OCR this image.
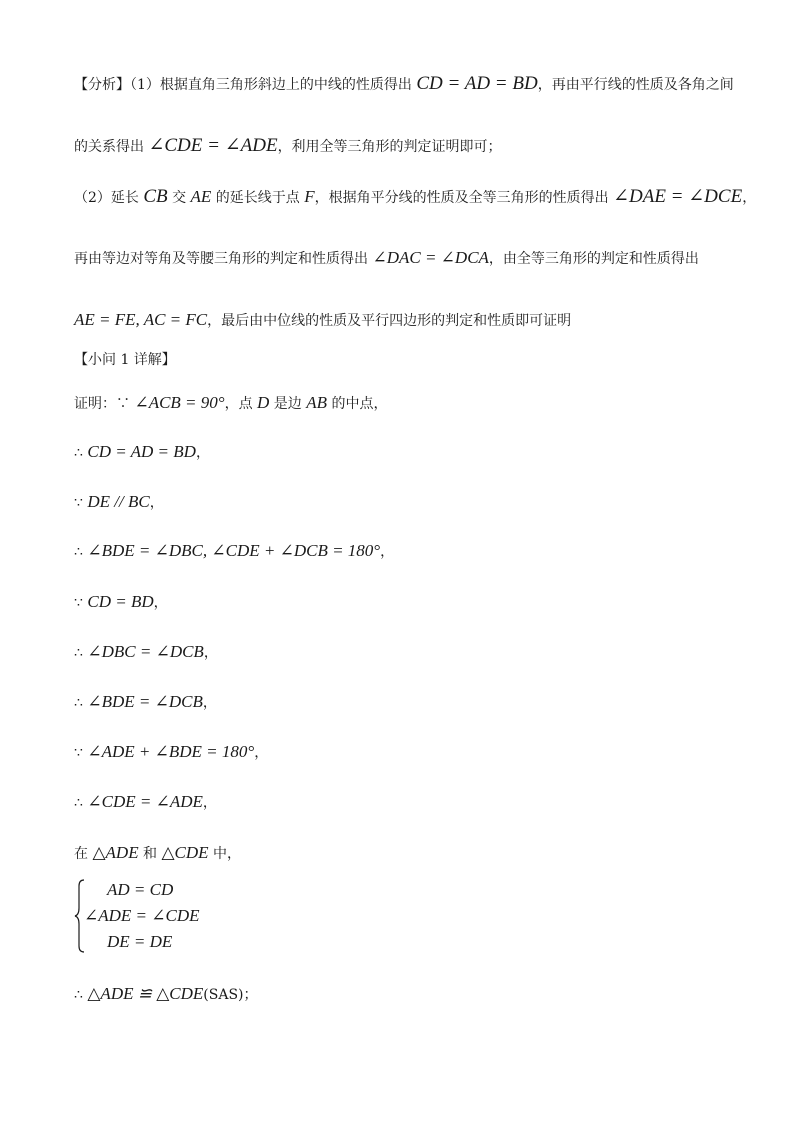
【分析】（1）根据直角三角形斜边上的中线的性质得出 CD = AD = BD，再由平行线的性质及各角之间
的关系得出 ∠CDE = ∠ADE，利用全等三角形的判定证明即可；
（2）延长 CB 交 AE 的延长线于点 F，根据角平分线的性质及全等三角形的性质得出 ∠DAE = ∠DCE，
再由等边对等角及等腰三角形的判定和性质得出 ∠DAC = ∠DCA，由全等三角形的判定和性质得出
AE = FE, AC = FC，最后由中位线的性质及平行四边形的判定和性质即可证明
【小问 1 详解】
证明：∵ ∠ACB = 90°，点 D 是边 AB 的中点，
∴ CD = AD = BD，
∵ DE // BC，
∴ ∠BDE = ∠DBC, ∠CDE + ∠DCB = 180°，
∵ CD = BD，
∴ ∠DBC = ∠DCB，
∴ ∠BDE = ∠DCB，
∵ ∠ADE + ∠BDE = 180°，
∴ ∠CDE = ∠ADE，
在 △ADE 和 △CDE 中，
AD = CD
∠ADE = ∠CDE
DE = DE
∴ △ADE ≌ △CDE(SAS)；
